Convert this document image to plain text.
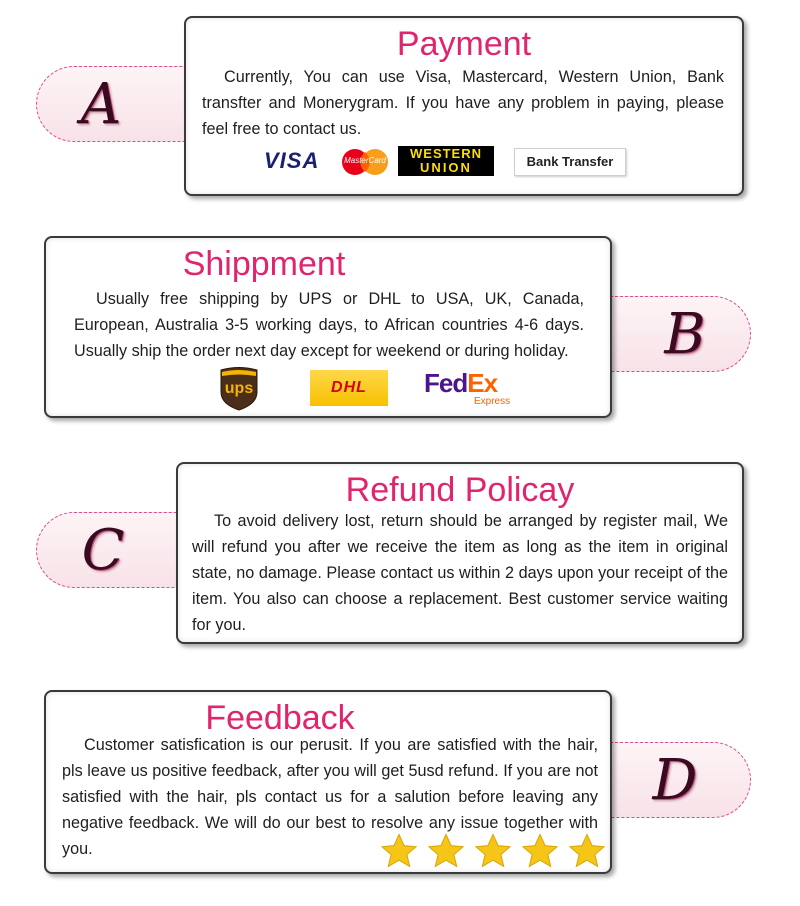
A
Payment

Currently, You can use Visa, Mastercard, Western Union, Bank transfter and Monerygram. If you have any problem in paying, please feel free to contact us.

VISA	MasterCard	WESTERN
UNION	Bank Transfer
B
Shippment

Usually free shipping by UPS or DHL to USA, UK, Canada, European, Australia 3-5 working days, to African countries 4-6 days. Usually ship the order next day except for weekend or during holiday.

ups	DHL	FedEx
Express
C
Refund Policay

To avoid delivery lost, return should be arranged by register mail, We will refund you after we receive the item as long as the item in original state, no damage. Please contact us within 2 days upon your receipt of the item. You also can choose a replacement. Best customer service waiting for you.

D
Feedback

Customer satisfication is our perusit. If you are satisfied with the hair, pls leave us positive feedback, after you will get 5usd refund. If you are not satisfied with the hair, pls contact us for a salution before leaving any negative feedback. We will do our best to resolve any issue together with you.
